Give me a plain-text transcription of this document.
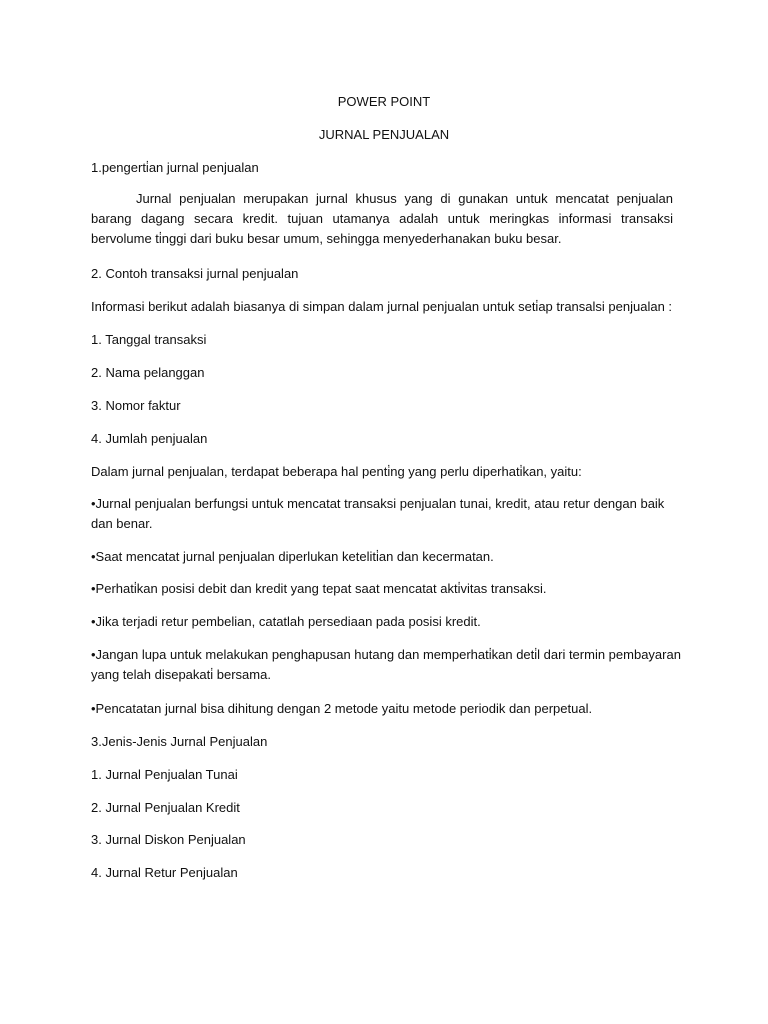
POWER POINT

JURNAL PENJUALAN

1.pengerti̇an jurnal penjualan

Jurnal penjualan merupakan jurnal khusus yang di gunakan untuk mencatat penjualan barang dagang secara kredit. tujuan utamanya adalah untuk meringkas informasi transaksi bervolume ti̇nggi dari buku besar umum, sehingga menyederhanakan buku besar.

2. Contoh transaksi jurnal penjualan

Informasi berikut adalah biasanya di simpan dalam jurnal penjualan untuk seti̇ap transalsi penjualan :

1. Tanggal transaksi

2. Nama pelanggan

3. Nomor faktur

4. Jumlah penjualan

Dalam jurnal penjualan, terdapat beberapa hal penti̇ng yang perlu diperhati̇kan, yaitu:

•Jurnal penjualan berfungsi untuk mencatat transaksi penjualan tunai, kredit, atau retur dengan baik dan benar.

•Saat mencatat jurnal penjualan diperlukan keteliti̇an dan kecermatan.

•Perhati̇kan posisi debit dan kredit yang tepat saat mencatat akti̇vitas transaksi.

•Jika terjadi retur pembelian, catatlah persediaan pada posisi kredit.

•Jangan lupa untuk melakukan penghapusan hutang dan memperhati̇kan deti̇l dari termin pembayaran yang telah disepakati̇ bersama.

•Pencatatan jurnal bisa dihitung dengan 2 metode yaitu metode periodik dan perpetual.

3.Jenis-Jenis Jurnal Penjualan

1. Jurnal Penjualan Tunai

2. Jurnal Penjualan Kredit

3. Jurnal Diskon Penjualan

4. Jurnal Retur Penjualan
